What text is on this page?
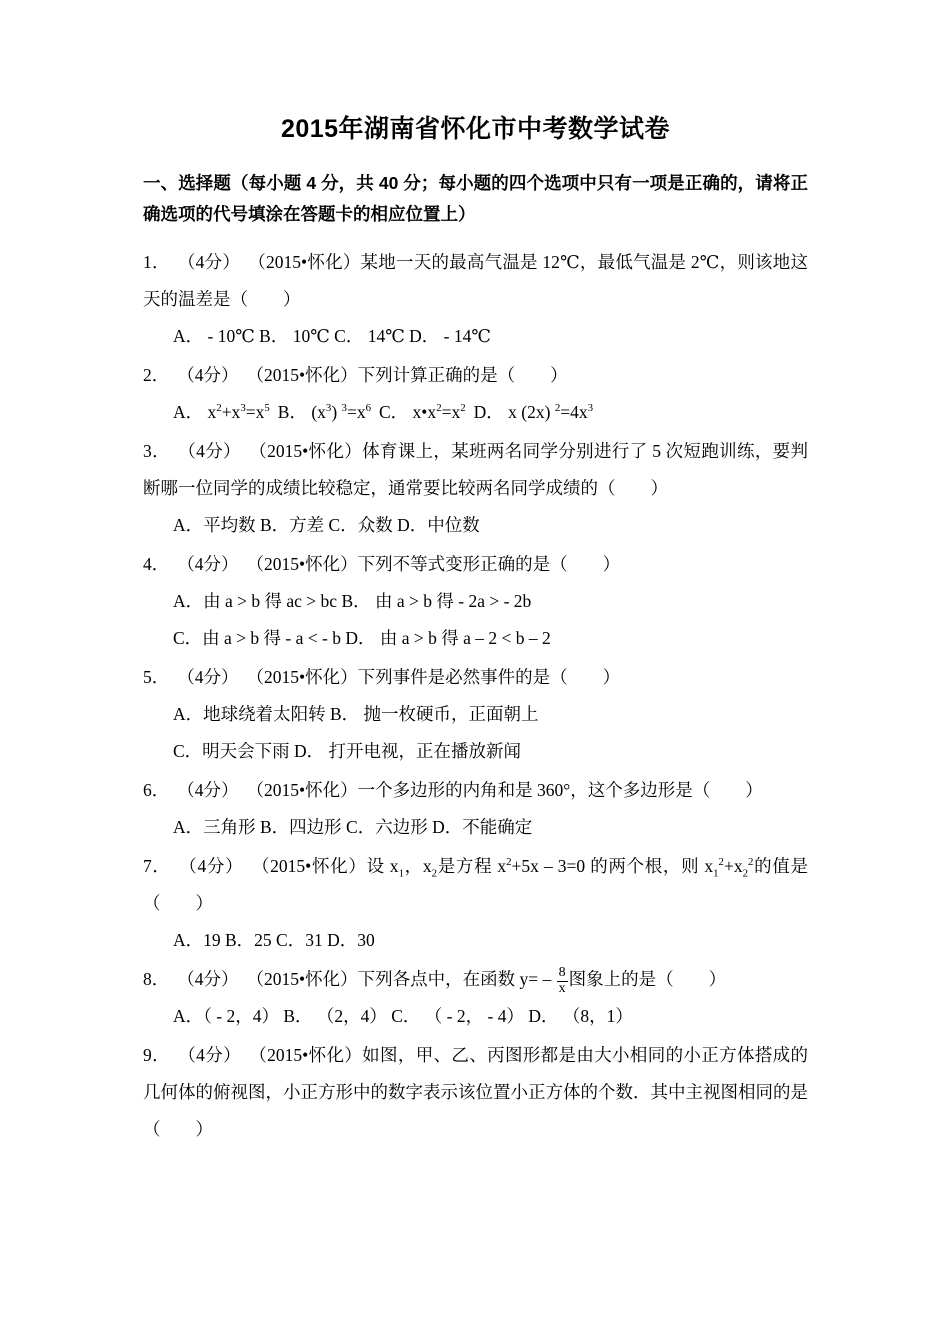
2015年湖南省怀化市中考数学试卷
一、选择题（每小题 4 分，共 40 分；每小题的四个选项中只有一项是正确的，请将正确选项的代号填涂在答题卡的相应位置上）

1． （4分） （2015•怀化）某地一天的最高气温是 12℃，最低气温是 2℃，则该地这天的温差是（　　）

A． - 10℃ B． 10℃ C． 14℃ D． - 14℃

2． （4分） （2015•怀化）下列计算正确的是（　　）

A． $x^2+x^3=x^5$ B． $(x^3)$ $^3=x^6$ C． $x•x^2=x^2$ D． x (2x) $^2=4x^3$

3． （4分） （2015•怀化）体育课上，某班两名同学分别进行了 5 次短跑训练，要判断哪一位同学的成绩比较稳定，通常要比较两名同学成绩的（　　）

A．平均数 B．方差 C．众数 D．中位数

4． （4分） （2015•怀化）下列不等式变形正确的是（　　）

A．由 a > b 得 ac > bc B． 由 a > b 得 - 2a > - 2b

C．由 a > b 得 - a < - b D． 由 a > b 得 a – 2 < b – 2

5． （4分） （2015•怀化）下列事件是必然事件的是（　　）

A．地球绕着太阳转 B． 抛一枚硬币，正面朝上

C．明天会下雨 D． 打开电视，正在播放新闻

6． （4分） （2015•怀化）一个多边形的内角和是 360°，这个多边形是（　　）

A．三角形 B．四边形 C．六边形 D．不能确定

7． （4分） （2015•怀化）设 $x_1$，$x_2$是方程 $x^2+5x - 3=0$ 的两个根，则 $x_1^2+x_2^2$的值是（　　）

A．19 B．25 C．31 D．30

8． （4分） （2015•怀化）下列各点中，在函数 $y= - \frac{8}{x}$ 图象上的是（　　）

A．（ - 2，4） B． （2，4） C． （ - 2， - 4） D． （8，1）

9． （4分） （2015•怀化）如图，甲、乙、丙图形都是由大小相同的小正方体搭成的几何体的俯视图，小正方形中的数字表示该位置小正方体的个数．其中主视图相同的是（　　）
